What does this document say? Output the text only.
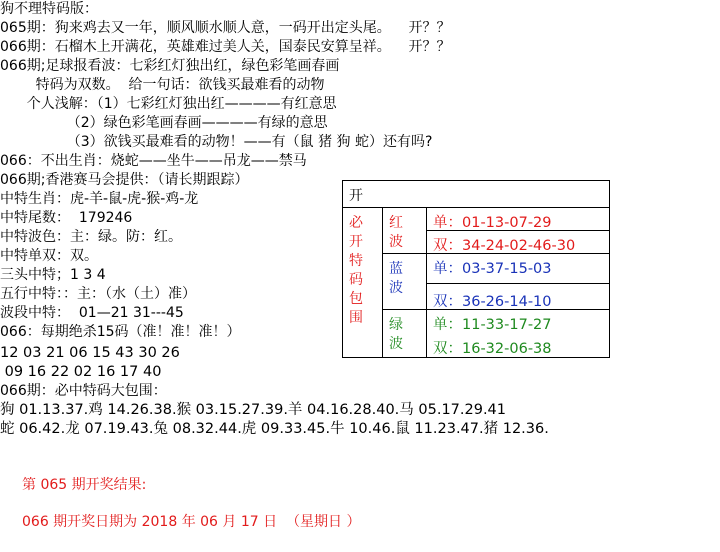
狗不理特码版：
065期：狗来鸡去又一年，顺风顺水顺人意，一码开出定头尾。    开？？
066期：石榴木上开满花，英雄难过美人关，国泰民安算呈祥。    开？？
066期;足球报看波：七彩红灯独出红，绿色彩笔画春画
特码为双数。  给一句话：欲钱买最难看的动物
个人浅解：（1）七彩红灯独出红————有红意思
（2）绿色彩笔画春画————有绿的意思
（3）欲钱买最难看的动物！——有（鼠 猪 狗 蛇）还有吗?
066：不出生肖：烧蛇——坐牛——吊龙——禁马
066期;香港赛马会提供：（请长期跟踪）
中特生肖：虎-羊-鼠-虎-猴-鸡-龙
中特尾数：  179246
中特波色：主：绿。防：红。
中特单双：双。
三头中特；1 3 4
五行中特：：主：（水（土）准）
波段中特：  01—21 31---45
066：每期绝杀15码（准！准！准！）
12 03 21 06 15 43 30 26
09 16 22 02 16 17 40
066期：必中特码大包围：
狗 01.13.37.鸡 14.26.38.猴 03.15.27.39.羊 04.16.28.40.马 05.17.29.41
蛇 06.42.龙 07.19.43.兔 08.32.44.虎 09.33.45.牛 10.46.鼠 11.23.47.猪 12.36.
第 065 期开奖结果:
066 期开奖日期为 2018 年 06 月 17 日  （星期日 ）
开
必开特码包围
红波
单：01-13-07-29
双：34-24-02-46-30
蓝波
单：03-37-15-03
双：36-26-14-10
绿波
单：11-33-17-27
双：16-32-06-38
